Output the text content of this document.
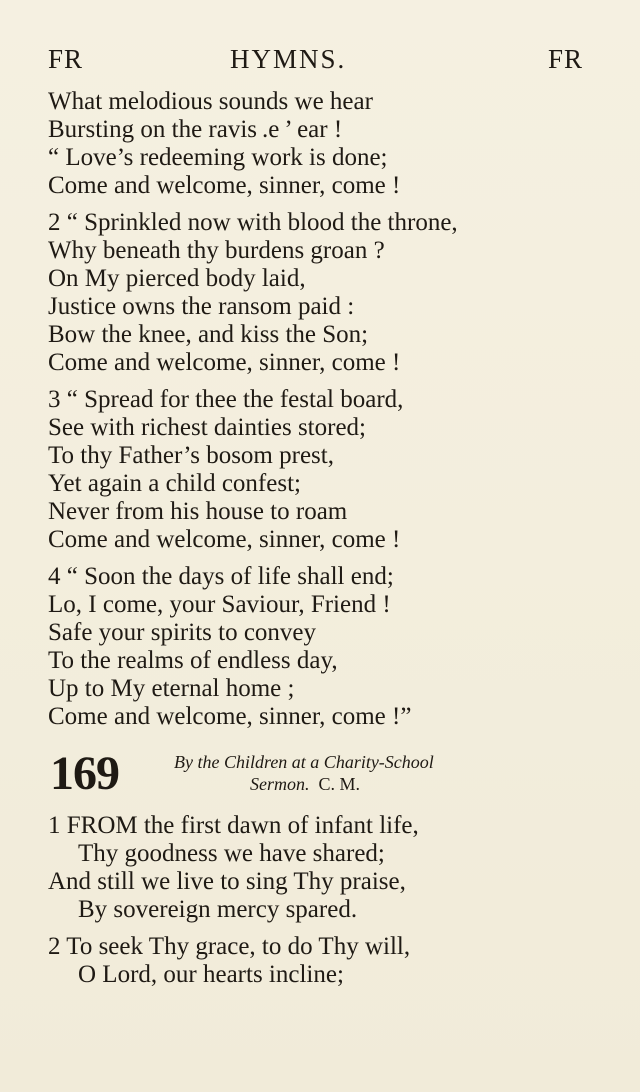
FR	HYMNS.	FR
What melodious sounds we hear
Bursting on the ravis .e ’ ear !
“ Love’s redeeming work is done;
Come and welcome, sinner, come !
2 “ Sprinkled now with blood the throne,
Why beneath thy burdens groan ?
On My pierced body laid,
Justice owns the ransom paid :
Bow the knee, and kiss the Son;
Come and welcome, sinner, come !
3 “ Spread for thee the festal board,
See with richest dainties stored;
To thy Father’s bosom prest,
Yet again a child confest;
Never from his house to roam
Come and welcome, sinner, come !
4 “ Soon the days of life shall end;
Lo, I come, your Saviour, Friend !
Safe your spirits to convey
To the realms of endless day,
Up to My eternal home ;
Come and welcome, sinner, come !”
169	By the Children at a Charity-School
Sermon. C. M.
1 FROM the first dawn of infant life,
Thy goodness we have shared;
And still we live to sing Thy praise,
By sovereign mercy spared.
2 To seek Thy grace, to do Thy will,
O Lord, our hearts incline;
